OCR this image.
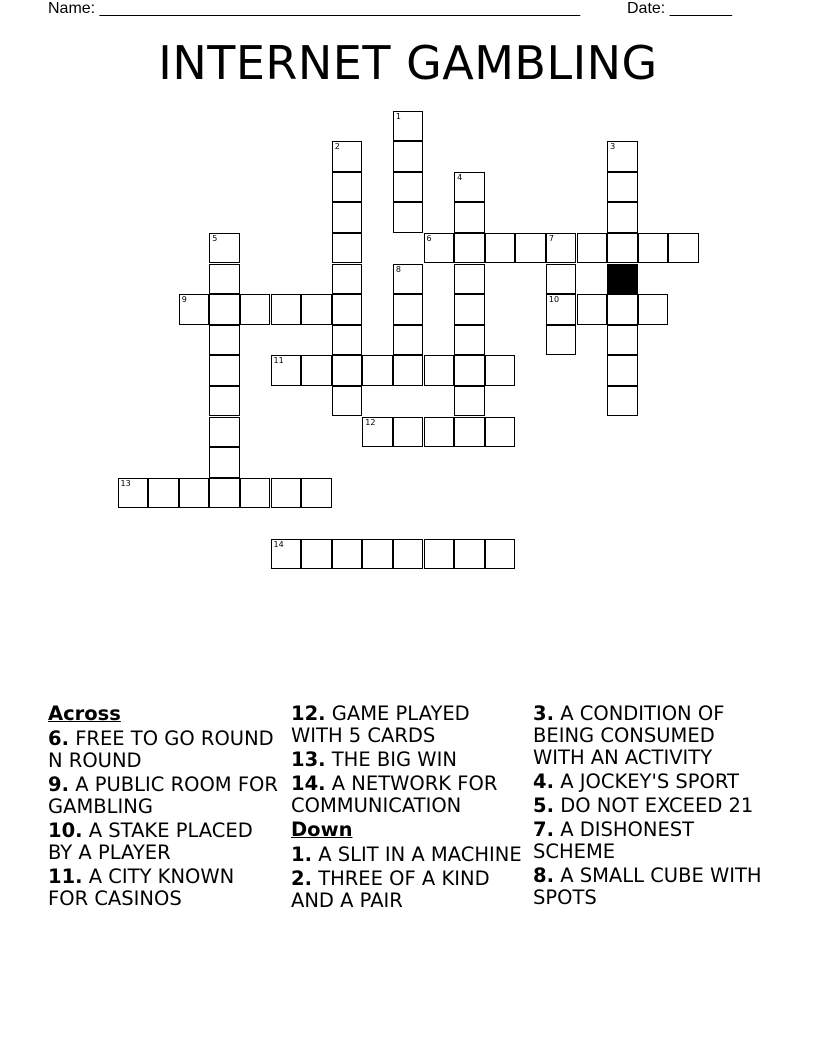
Name: ______________________________________________________

	Date: _______

INTERNET GAMBLING
1
2	3
4
5	6	7
10
8
9
11
12
13
14
Across
6. FREE TO GO ROUND N ROUND
9. A PUBLIC ROOM FOR GAMBLING
10. A STAKE PLACED BY A PLAYER
11. A CITY KNOWN FOR CASINOS
12. GAME PLAYED WITH 5 CARDS
13. THE BIG WIN
14. A NETWORK FOR COMMUNICATION
Down
1. A SLIT IN A MACHINE
2. THREE OF A KIND AND A PAIR
3. A CONDITION OF BEING CONSUMED WITH AN ACTIVITY
4. A JOCKEY'S SPORT
5. DO NOT EXCEED 21
7. A DISHONEST SCHEME
8. A SMALL CUBE WITH SPOTS
